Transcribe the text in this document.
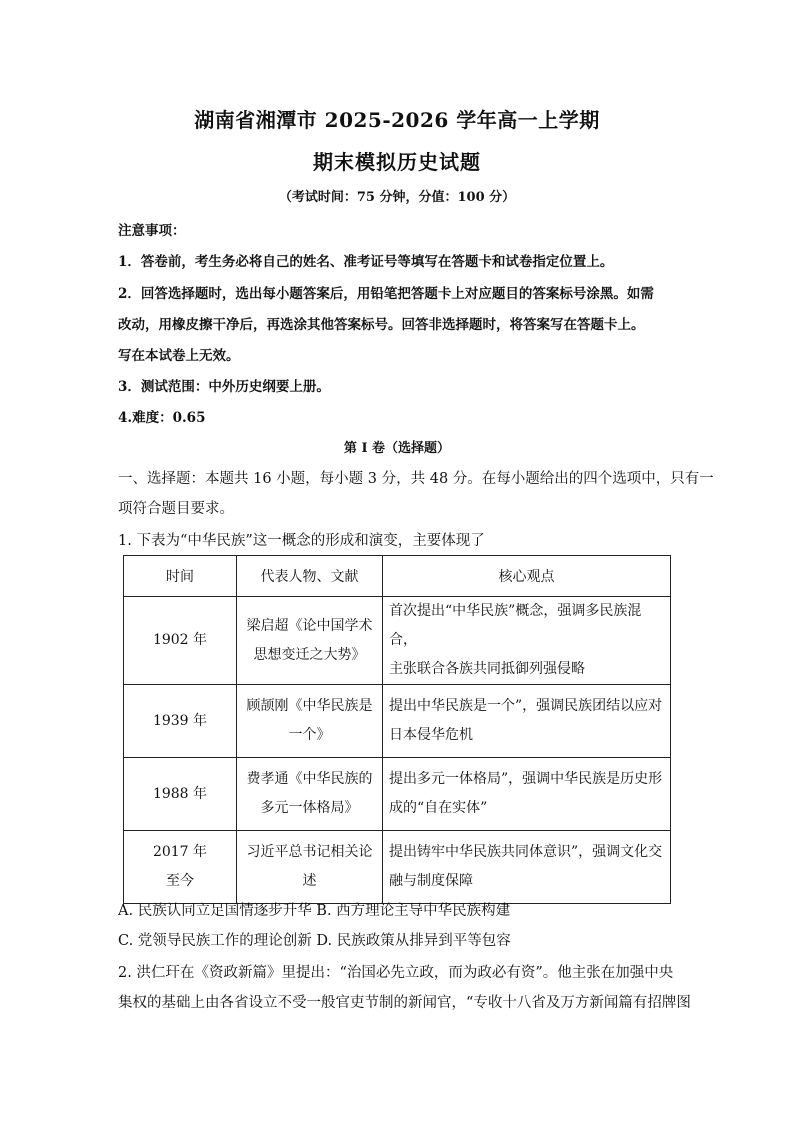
湖南省湘潭市 2025-2026 学年高一上学期
期末模拟历史试题
（考试时间：75 分钟，分值：100 分）
注意事项：
1．答卷前，考生务必将自己的姓名、准考证号等填写在答题卡和试卷指定位置上。
2．回答选择题时，选出每小题答案后，用铅笔把答题卡上对应题目的答案标号涂黑。如需
改动，用橡皮擦干净后，再选涂其他答案标号。回答非选择题时，将答案写在答题卡上。
写在本试卷上无效。
3．测试范围：中外历史纲要上册。
4.难度：0.65
第 I 卷（选择题）
一、选择题：本题共 16 小题，每小题 3 分，共 48 分。在每小题给出的四个选项中，只有一
项符合题目要求。
1. 下表为“中华民族”这一概念的形成和演变，主要体现了
时间	代表人物、文献	核心观点
1902 年	梁启超《论中国学术
思想变迁之大势》	首次提出“中华民族”概念，强调多民族混合，
主张联合各族共同抵御列强侵略
1939 年	顾颉刚《中华民族是
一个》	提出中华民族是一个”，强调民族团结以应对
日本侵华危机
1988 年	费孝通《中华民族的
多元一体格局》	提出多元一体格局”，强调中华民族是历史形
成的“自在实体”
2017 年
至今	习近平总书记相关论
述	提出铸牢中华民族共同体意识”，强调文化交
融与制度保障
A. 民族认同立足国情逐步升华 B. 西方理论主导中华民族构建
C. 党领导民族工作的理论创新 D. 民族政策从排异到平等包容
2. 洪仁玕在《资政新篇》里提出：“治国必先立政，而为政必有资”。他主张在加强中央
集权的基础上由各省设立不受一般官吏节制的新闻官，“专收十八省及万方新闻篇有招牌图
